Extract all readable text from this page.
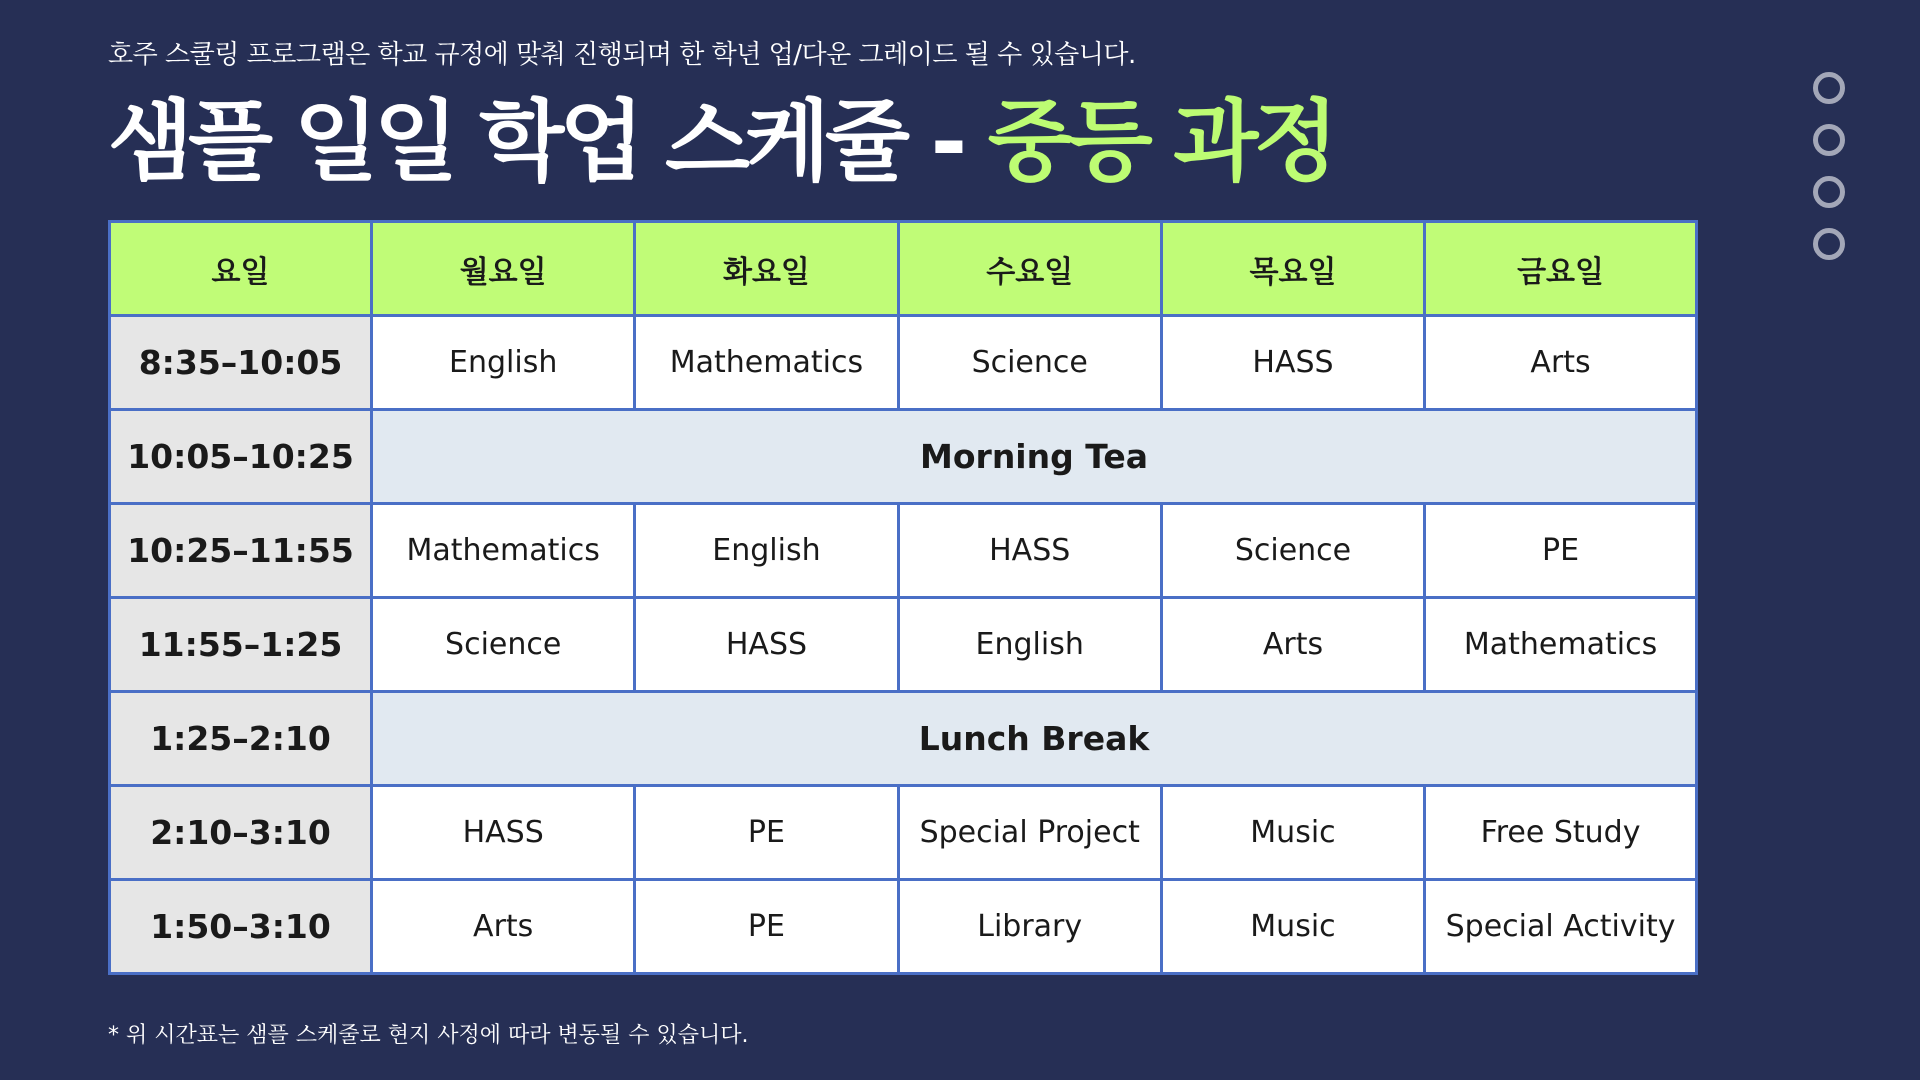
호주 스쿨링 프로그램은 학교 규정에 맞춰 진행되며 한 학년 업/다운 그레이드 될 수 있습니다.
샘플 일일 학업 스케쥴 - 중등 과정
요일	월요일	화요일	수요일	목요일	금요일
8:35–10:05	English	Mathematics	Science	HASS	Arts
10:05–10:25	Morning Tea				
10:25–11:55	Mathematics	English	HASS	Science	PE
11:55–1:25	Science	HASS	English	Arts	Mathematics
1:25–2:10	Lunch Break				
2:10–3:10	HASS	PE	Special Project	Music	Free Study
1:50–3:10	Arts	PE	Library	Music	Special Activity
* 위 시간표는 샘플 스케줄로 현지 사정에 따라 변동될 수 있습니다.
